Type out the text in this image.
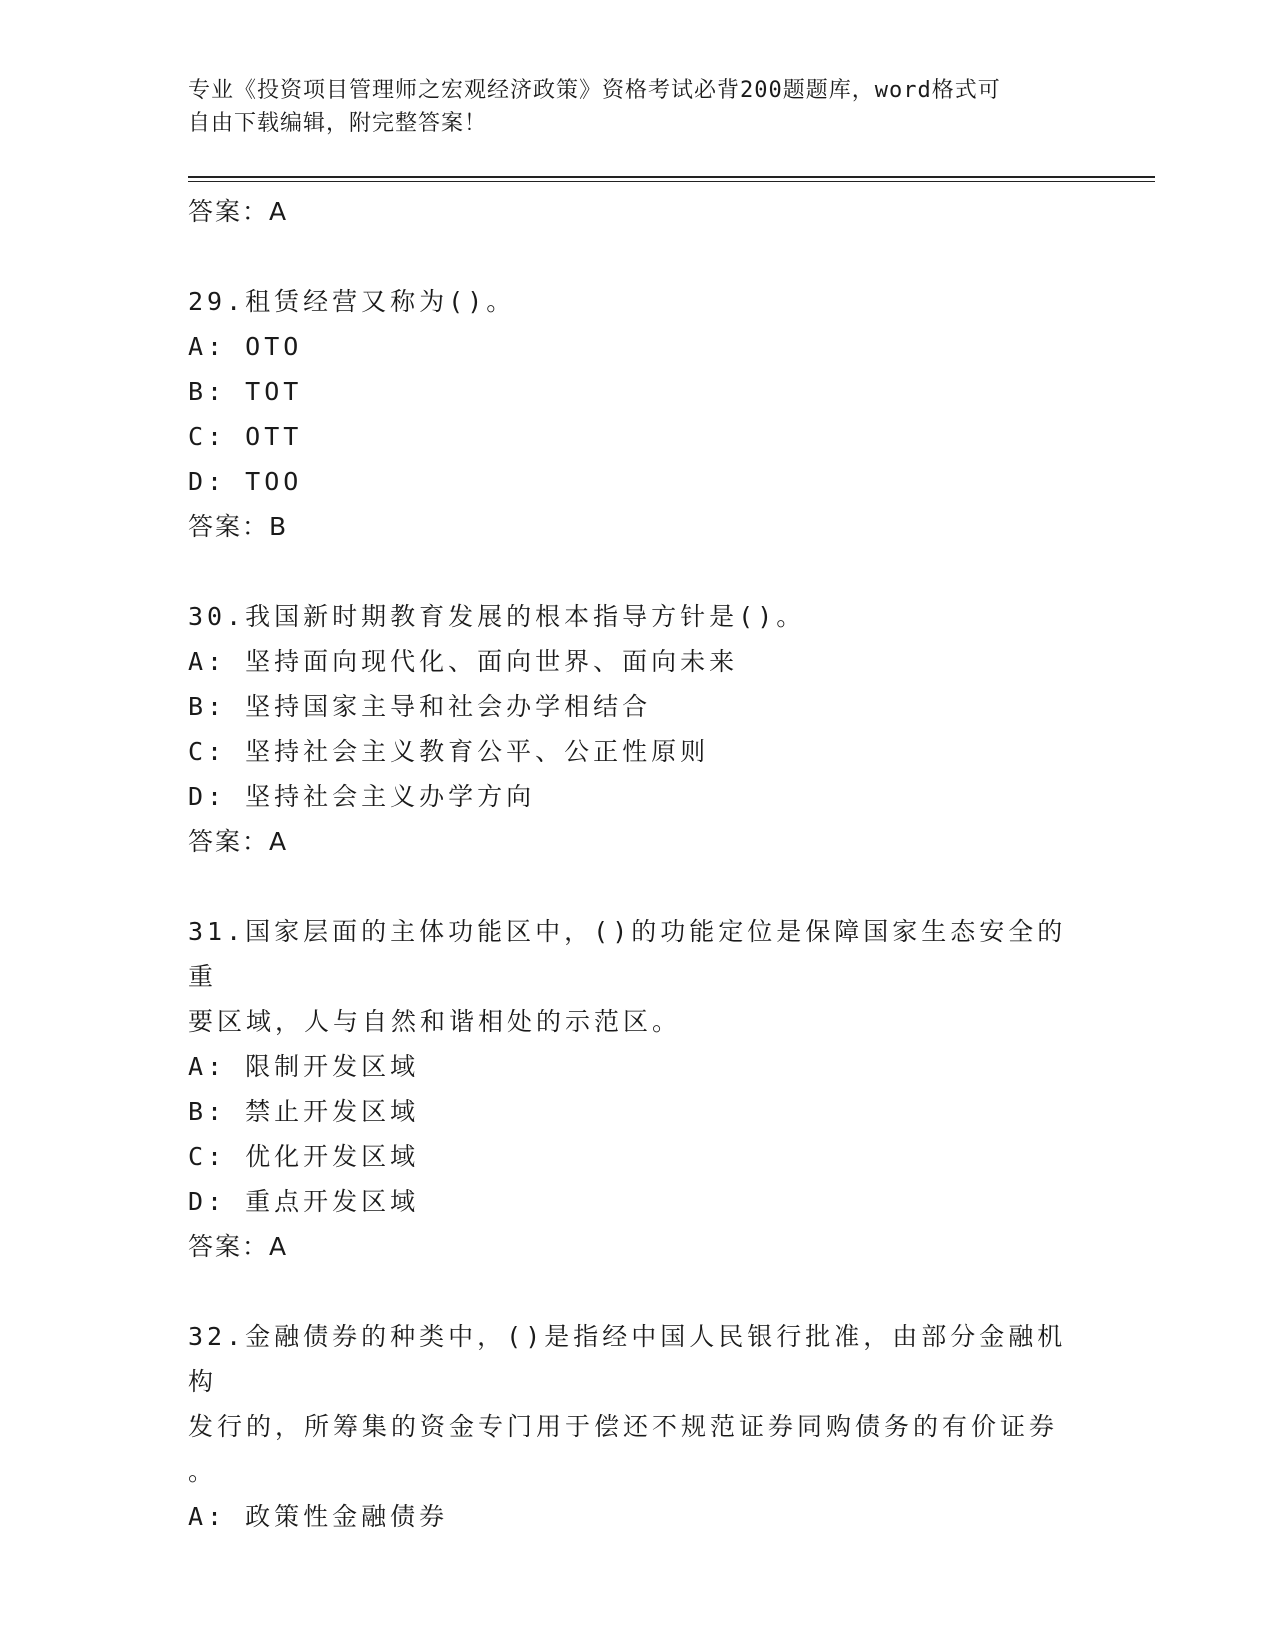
专业《投资项目管理师之宏观经济政策》资格考试必背200题题库，word格式可
自由下载编辑，附完整答案！
答案：A
29.租赁经营又称为()。
A: OTO
B: TOT
C: OTT
D: TOO
答案：B
30.我国新时期教育发展的根本指导方针是()。
A: 坚持面向现代化、面向世界、面向未来
B: 坚持国家主导和社会办学相结合
C: 坚持社会主义教育公平、公正性原则
D: 坚持社会主义办学方向
答案：A
31.国家层面的主体功能区中，()的功能定位是保障国家生态安全的重
要区域，人与自然和谐相处的示范区。
A: 限制开发区域
B: 禁止开发区域
C: 优化开发区域
D: 重点开发区域
答案：A
32.金融债券的种类中，()是指经中国人民银行批准，由部分金融机构
发行的，所筹集的资金专门用于偿还不规范证券同购债务的有价证券
。
A: 政策性金融债券
